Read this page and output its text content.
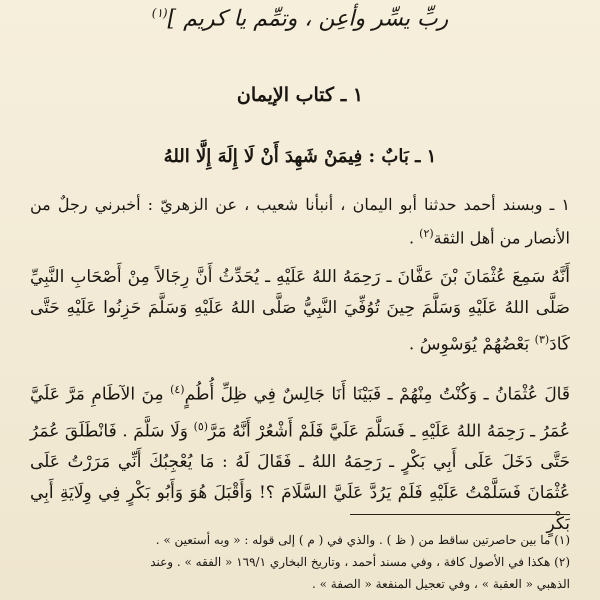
ربِّ يسِّر وأعِن ، وتمِّم يا كريم ]$^{(١)}$
١ ـ كتاب الإيمان
١ ـ بَابٌ : فِيمَنْ شَهِدَ أَنْ لَا إِلَهَ إِلَّا اللهُ
١ ـ وبسند أحمد حدثنا أبو اليمان ، أنبأنا شعيب ، عن الزهريّ : أخبرني رجلٌ من الأنصار من أهل الثقة$^{(٢)}$ .
أَنَّهُ سَمِعَ عُثْمَانَ بْنَ عَفَّانَ ـ رَحِمَهُ اللهُ عَلَيْهِ ـ يُحَدِّثُ أَنَّ رِجَالاً مِنْ أَصْحَابِ النَّبِيِّ صَلَّى اللهُ عَلَيْهِ وَسَلَّمَ حِينَ تُوُفِّيَ النَّبِيُّ صَلَّى اللهُ عَلَيْهِ وَسَلَّمَ حَزِنُوا عَلَيْهِ حَتَّى كَادَ$^{(٣)}$ بَعْضُهُمْ يُوَسْوِسُ .
قَالَ عُثْمَانُ ـ وَكُنْتُ مِنْهُمْ ـ فَبَيْنَا أَنَا جَالِسٌ فِي ظِلِّ أُطُمٍ$^{(٤)}$ مِنَ الآطَامِ مَرَّ عَلَيَّ عُمَرُ ـ رَحِمَهُ اللهُ عَلَيْهِ ـ فَسَلَّمَ عَلَيَّ فَلَمْ أَشْعُرْ أَنَّهُ مَرَّ$^{(٥)}$ وَلَا سَلَّمَ . فَانْطَلَقَ عُمَرُ حَتَّى دَخَلَ عَلَى أَبِي بَكْرٍ ـ رَحِمَهُ اللهُ ـ فَقَالَ لَهُ : مَا يُعْجِبُكَ أَنِّي مَرَرْتُ عَلَى عُثْمَانَ فَسَلَّمْتُ عَلَيْهِ فَلَمْ يَرُدَّ عَلَيَّ السَّلَامَ ؟! وَأَقْبَلَ هُوَ وَأَبُو بَكْرٍ فِي وِلَايَةِ أَبِي بَكْرٍ
(١) ما بين حاصرتين ساقط من ( ظ ) . والذي في ( م ) إلى قوله : « وبه أستعين » .
(٢) هكذا في الأصول كافة ، وفي مسند أحمد ، وتاريخ البخاري ١٦٩/١ « الفقه » . وعند
الذهبي « العقبة » ، وفي تعجيل المنفعة « الصفة » .
